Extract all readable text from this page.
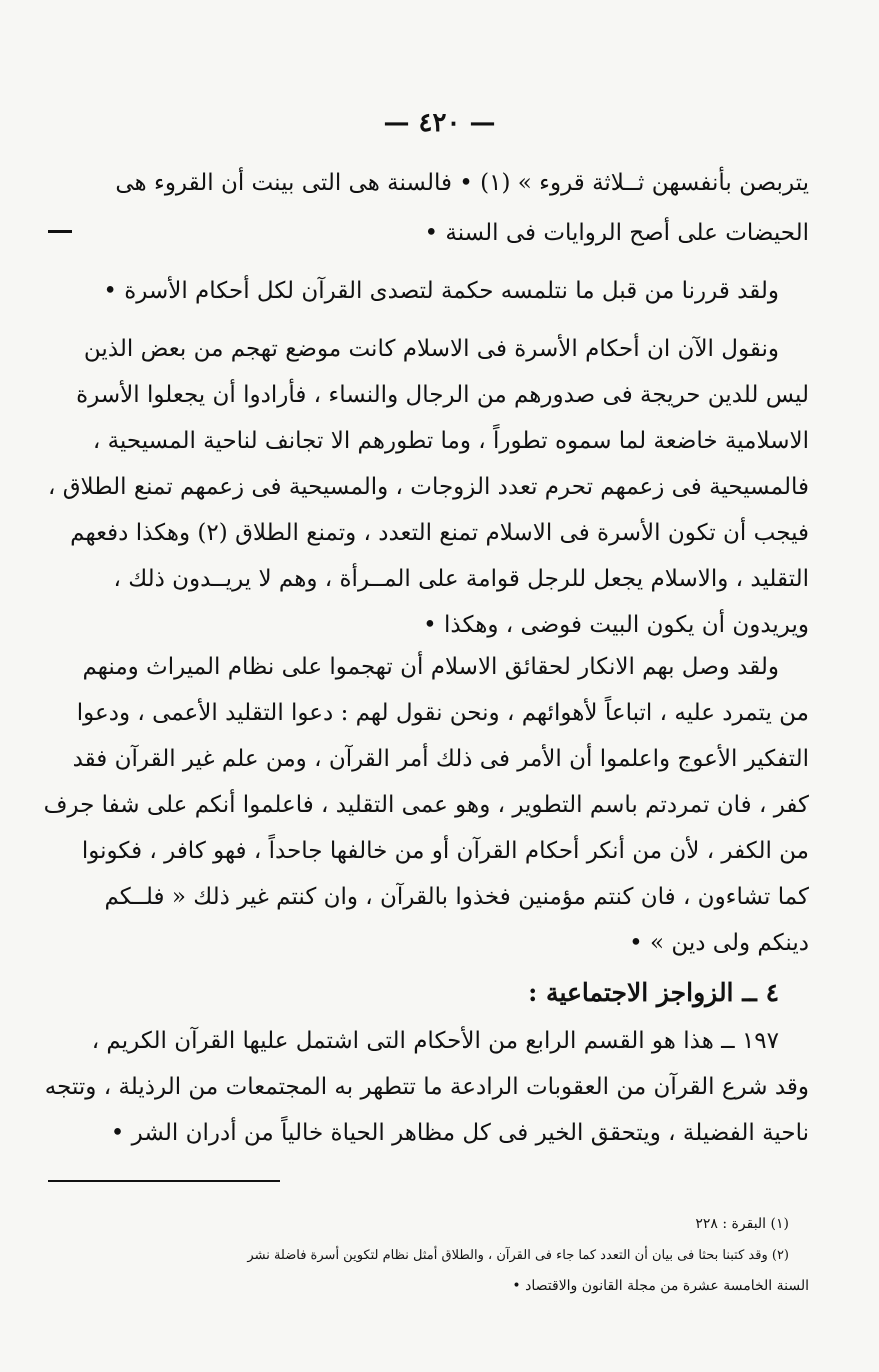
— ٤٢٠ —
يتربصن بأنفسهن ثــلاثة قروء » (١) • فالسنة هى التى بينت أن القروء هى
الحيضات على أصح الروايات فى السنة •
ولقد قررنا من قبل ما نتلمسه حكمة لتصدى القرآن لكل أحكام الأسرة •
ونقول الآن ان أحكام الأسرة فى الاسلام كانت موضع تهجم من بعض الذين
ليس للدين حريجة فى صدورهم من الرجال والنساء ، فأرادوا أن يجعلوا الأسرة
الاسلامية خاضعة لما سموه تطوراً ، وما تطورهم الا تجانف لناحية المسيحية ،
فالمسيحية فى زعمهم تحرم تعدد الزوجات ، والمسيحية فى زعمهم تمنع الطلاق ،
فيجب أن تكون الأسرة فى الاسلام تمنع التعدد ، وتمنع الطلاق (٢) وهكذا دفعهم
التقليد ، والاسلام يجعل للرجل قوامة على المــرأة ، وهم لا يريــدون ذلك ،
ويريدون أن يكون البيت فوضى ، وهكذا •
ولقد وصل بهم الانكار لحقائق الاسلام أن تهجموا على نظام الميراث ومنهم
من يتمرد عليه ، اتباعاً لأهوائهم ، ونحن نقول لهم : دعوا التقليد الأعمى ، ودعوا
التفكير الأعوج واعلموا أن الأمر فى ذلك أمر القرآن ، ومن علم غير القرآن فقد
كفر ، فان تمردتم باسم التطوير ، وهو عمى التقليد ، فاعلموا أنكم على شفا جرف
من الكفر ، لأن من أنكر أحكام القرآن أو من خالفها جاحداً ، فهو كافر ، فكونوا
كما تشاءون ، فان كنتم مؤمنين فخذوا بالقرآن ، وان كنتم غير ذلك « فلــكم
دينكم ولى دين » •
٤ ــ الزواجز الاجتماعية :
١٩٧ ــ هذا هو القسم الرابع من الأحكام التى اشتمل عليها القرآن الكريم ،
وقد شرع القرآن من العقوبات الرادعة ما تتطهر به المجتمعات من الرذيلة ، وتتجه
ناحية الفضيلة ، ويتحقق الخير فى كل مظاهر الحياة خالياً من أدران الشر •
(١) البقرة : ٢٢٨
(٢) وقد كتبنا بحثا فى بيان أن التعدد كما جاء فى القرآن ، والطلاق أمثل نظام لتكوين أسرة فاضلة نشر
السنة الخامسة عشرة من مجلة القانون والاقتصاد •
